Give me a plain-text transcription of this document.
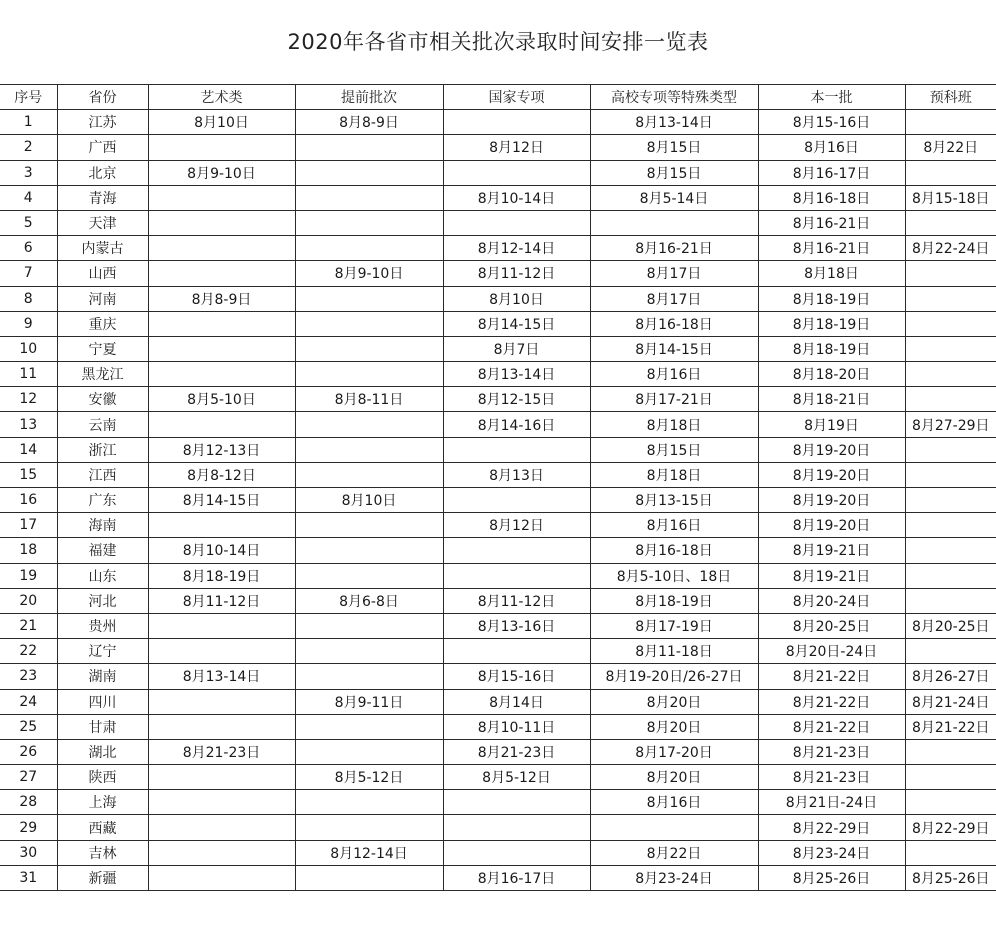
2020年各省市相关批次录取时间安排一览表
序号	省份	艺术类	提前批次	国家专项	高校专项等特殊类型	本一批	预科班
1	江苏	8月10日	8月8-9日		8月13-14日	8月15-16日	
2	广西			8月12日	8月15日	8月16日	8月22日
3	北京	8月9-10日			8月15日	8月16-17日	
4	青海			8月10-14日	8月5-14日	8月16-18日	8月15-18日
5	天津					8月16-21日	
6	内蒙古			8月12-14日	8月16-21日	8月16-21日	8月22-24日
7	山西		8月9-10日	8月11-12日	8月17日	8月18日	
8	河南	8月8-9日		8月10日	8月17日	8月18-19日	
9	重庆			8月14-15日	8月16-18日	8月18-19日	
10	宁夏			8月7日	8月14-15日	8月18-19日	
11	黑龙江			8月13-14日	8月16日	8月18-20日	
12	安徽	8月5-10日	8月8-11日	8月12-15日	8月17-21日	8月18-21日	
13	云南			8月14-16日	8月18日	8月19日	8月27-29日
14	浙江	8月12-13日			8月15日	8月19-20日	
15	江西	8月8-12日		8月13日	8月18日	8月19-20日	
16	广东	8月14-15日	8月10日		8月13-15日	8月19-20日	
17	海南			8月12日	8月16日	8月19-20日	
18	福建	8月10-14日			8月16-18日	8月19-21日	
19	山东	8月18-19日			8月5-10日、18日	8月19-21日	
20	河北	8月11-12日	8月6-8日	8月11-12日	8月18-19日	8月20-24日	
21	贵州			8月13-16日	8月17-19日	8月20-25日	8月20-25日
22	辽宁				8月11-18日	8月20日-24日	
23	湖南	8月13-14日		8月15-16日	8月19-20日/26-27日	8月21-22日	8月26-27日
24	四川		8月9-11日	8月14日	8月20日	8月21-22日	8月21-24日
25	甘肃			8月10-11日	8月20日	8月21-22日	8月21-22日
26	湖北	8月21-23日		8月21-23日	8月17-20日	8月21-23日	
27	陕西		8月5-12日	8月5-12日	8月20日	8月21-23日	
28	上海				8月16日	8月21日-24日	
29	西藏					8月22-29日	8月22-29日
30	吉林		8月12-14日		8月22日	8月23-24日	
31	新疆			8月16-17日	8月23-24日	8月25-26日	8月25-26日
